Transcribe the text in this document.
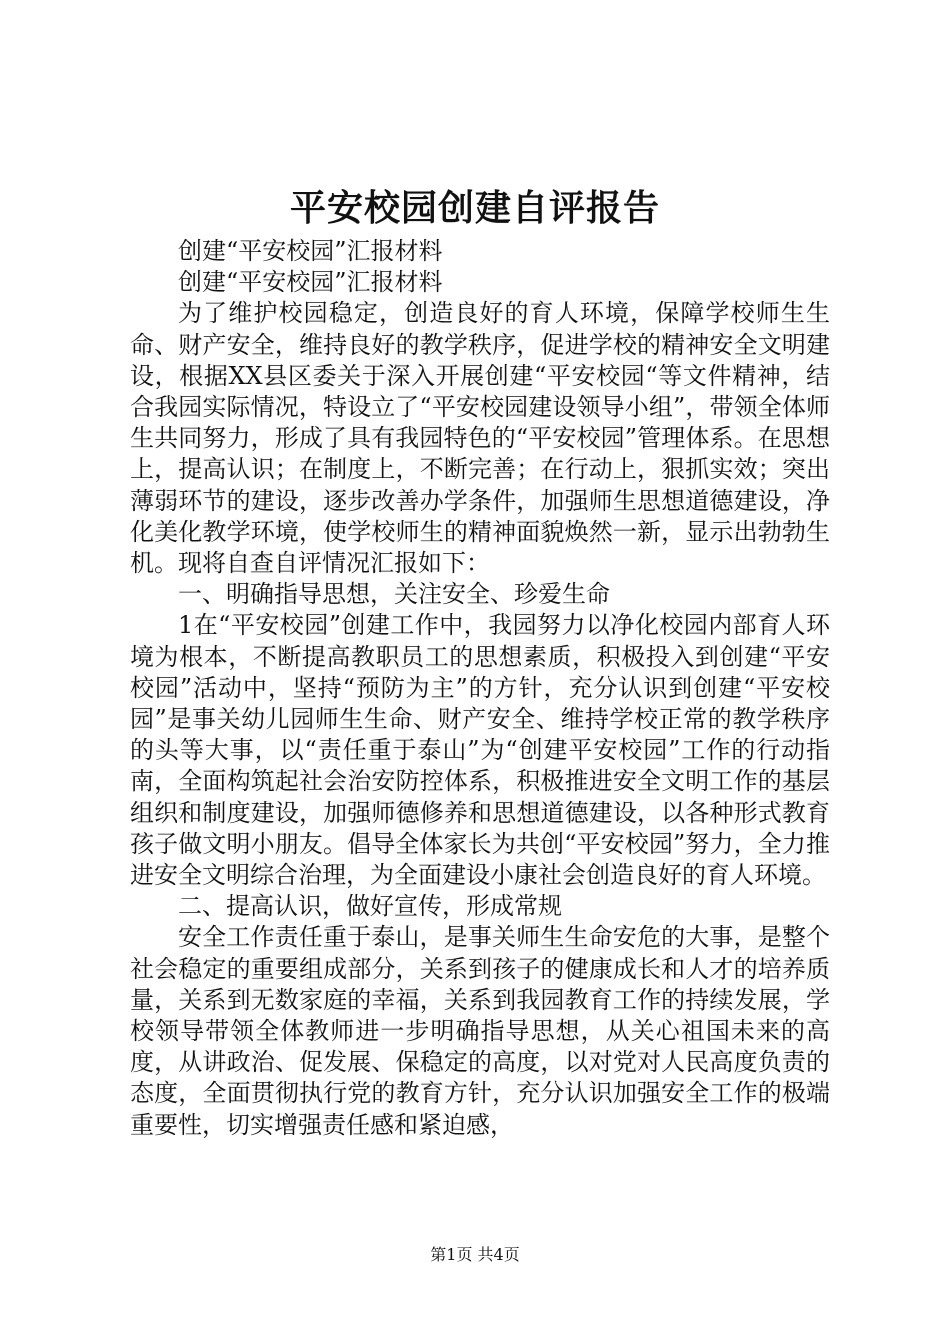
平安校园创建自评报告

创建“平安校园”汇报材料

创建“平安校园”汇报材料

为了维护校园稳定，创造良好的育人环境，保障学校师生生命、财产安全，维持良好的教学秩序，促进学校的精神安全文明建设，根据XX县区委关于深入开展创建“平安校园“等文件精神，结合我园实际情况，特设立了“平安校园建设领导小组”，带领全体师生共同努力，形成了具有我园特色的“平安校园”管理体系。在思想上，提高认识；在制度上，不断完善；在行动上，狠抓实效；突出薄弱环节的建设，逐步改善办学条件，加强师生思想道德建设，净化美化教学环境，使学校师生的精神面貌焕然一新，显示出勃勃生机。现将自查自评情况汇报如下：

一、明确指导思想，关注安全、珍爱生命

1在“平安校园”创建工作中，我园努力以净化校园内部育人环境为根本，不断提高教职员工的思想素质，积极投入到创建“平安校园”活动中，坚持“预防为主”的方针，充分认识到创建“平安校园”是事关幼儿园师生生命、财产安全、维持学校正常的教学秩序的头等大事，以“责任重于泰山”为“创建平安校园”工作的行动指南，全面构筑起社会治安防控体系，积极推进安全文明工作的基层组织和制度建设，加强师德修养和思想道德建设，以各种形式教育孩子做文明小朋友。倡导全体家长为共创“平安校园”努力，全力推进安全文明综合治理，为全面建设小康社会创造良好的育人环境。

二、提高认识，做好宣传，形成常规

安全工作责任重于泰山，是事关师生生命安危的大事，是整个社会稳定的重要组成部分，关系到孩子的健康成长和人才的培养质量，关系到无数家庭的幸福，关系到我园教育工作的持续发展，学校领导带领全体教师进一步明确指导思想，从关心祖国未来的高度，从讲政治、促发展、保稳定的高度，以对党对人民高度负责的态度，全面贯彻执行党的教育方针，充分认识加强安全工作的极端重要性，切实增强责任感和紧迫感，

第1页 共4页
